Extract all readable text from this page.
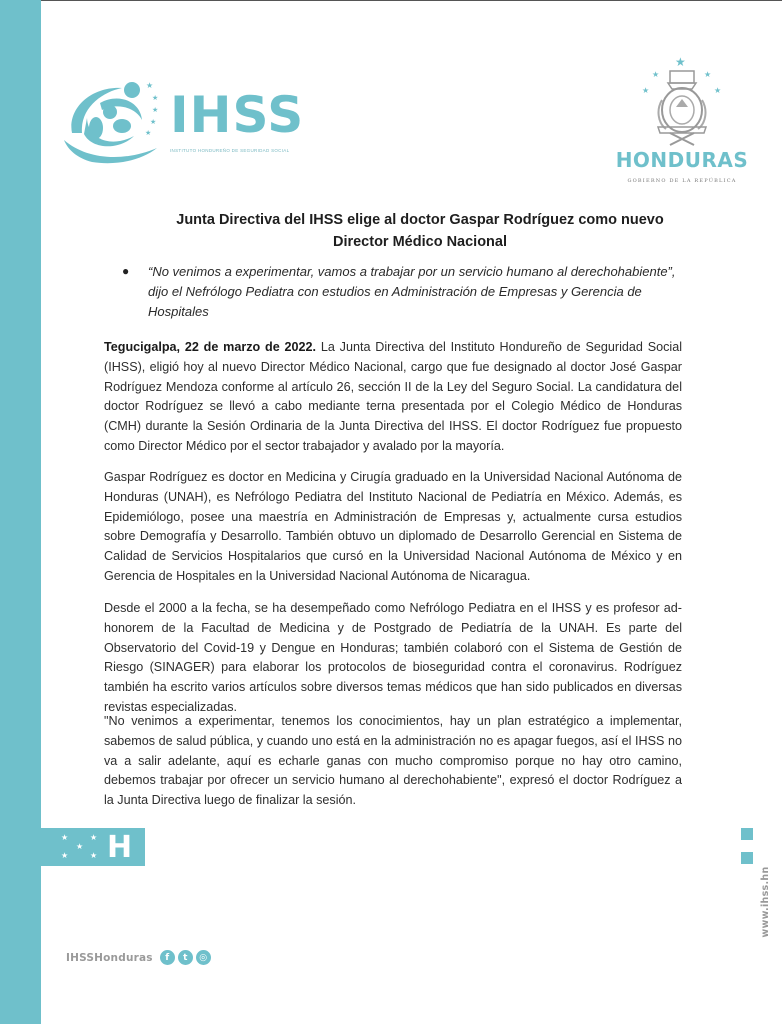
★
★
★
★
★ IHSS
INSTITUTO HONDUREÑO DE SEGURIDAD SOCIAL
★
★	★
★	★
HONDURAS
GOBIERNO DE LA REPÚBLICA
Junta Directiva del IHSS elige al doctor Gaspar Rodríguez como nuevo Director Médico Nacional
● “No venimos a experimentar, vamos a trabajar por un servicio humano al derechohabiente”, dijo el Nefrólogo Pediatra con estudios en Administración de Empresas y Gerencia de Hospitales
Tegucigalpa, 22 de marzo de 2022. La Junta Directiva del Instituto Hondureño de Seguridad Social (IHSS), eligió hoy al nuevo Director Médico Nacional, cargo que fue designado al doctor José Gaspar Rodríguez Mendoza conforme al artículo 26, sección II de la Ley del Seguro Social. La candidatura del doctor Rodríguez se llevó a cabo mediante terna presentada por el Colegio Médico de Honduras (CMH) durante la Sesión Ordinaria de la Junta Directiva del IHSS. El doctor Rodríguez fue propuesto como Director Médico por el sector trabajador y avalado por la mayoría.
Gaspar Rodríguez es doctor en Medicina y Cirugía graduado en la Universidad Nacional Autónoma de Honduras (UNAH), es Nefrólogo Pediatra del Instituto Nacional de Pediatría en México. Además, es Epidemiólogo, posee una maestría en Administración de Empresas y, actualmente cursa estudios sobre Demografía y Desarrollo. También obtuvo un diplomado de Desarrollo Gerencial en Sistema de Calidad de Servicios Hospitalarios que cursó en la Universidad Nacional Autónoma de México y en Gerencia de Hospitales en la Universidad Nacional Autónoma de Nicaragua.
Desde el 2000 a la fecha, se ha desempeñado como Nefrólogo Pediatra en el IHSS y es profesor ad-honorem de la Facultad de Medicina y de Postgrado de Pediatría de la UNAH. Es parte del Observatorio del Covid-19 y Dengue en Honduras; también colaboró con el Sistema de Gestión de Riesgo (SINAGER) para elaborar los protocolos de bioseguridad contra el coronavirus. Rodríguez también ha escrito varios artículos sobre diversos temas médicos que han sido publicados en diversas revistas especializadas.
"No venimos a experimentar, tenemos los conocimientos, hay un plan estratégico a implementar, sabemos de salud pública, y cuando uno está en la administración no es apagar fuegos, así el IHSS no va a salir adelante, aquí es echarle ganas con mucho compromiso porque no hay otro camino, debemos trabajar por ofrecer un servicio humano al derechohabiente", expresó el doctor Rodríguez a la Junta Directiva luego de finalizar la sesión.
★	★
★
★	★ H
IHSSHonduras	f	t	◎
www.ihss.hn
